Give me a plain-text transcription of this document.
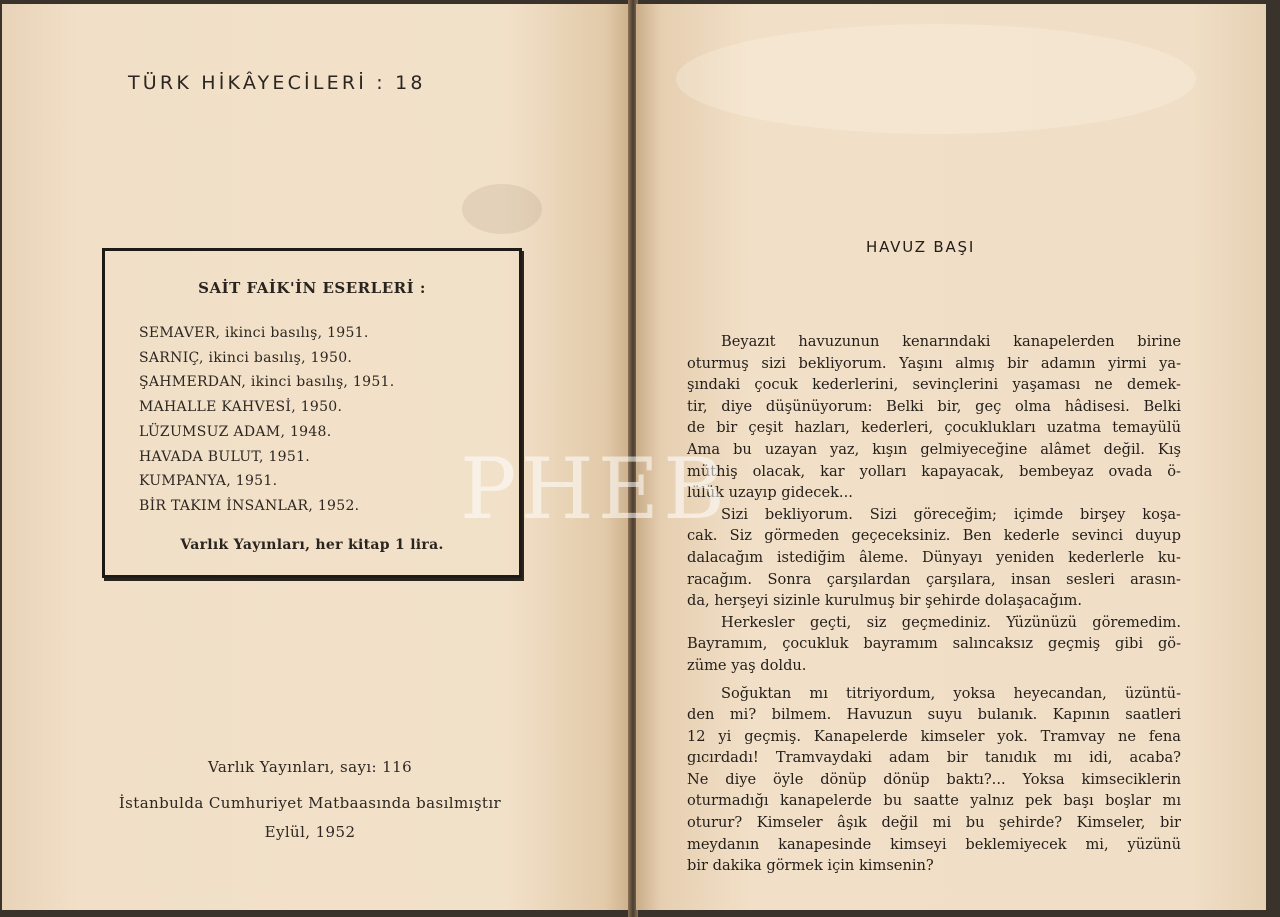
TÜRK HİKÂYECİLERİ : 18
SAİT FAİK'İN ESERLERİ :
SEMAVER, ikinci basılış, 1951.
SARNIÇ, ikinci basılış, 1950.
ŞAHMERDAN, ikinci basılış, 1951.
MAHALLE KAHVESİ, 1950.
LÜZUMSUZ ADAM, 1948.
HAVADA BULUT, 1951.
KUMPANYA, 1951.
BİR TAKIM İNSANLAR, 1952.
Varlık Yayınları, her kitap 1 lira.
Varlık Yayınları, sayı: 116
İstanbulda Cumhuriyet Matbaasında basılmıştır
Eylül, 1952
HAVUZ BAŞI
Beyazıt havuzunun kenarındaki kanapelerden birine
oturmuş sizi bekliyorum. Yaşını almış bir adamın yirmi ya-
şındaki çocuk kederlerini, sevinçlerini yaşaması ne demek-
tir, diye düşünüyorum: Belki bir, geç olma hâdisesi. Belki
de bir çeşit hazları, kederleri, çocuklukları uzatma temayülü
Ama bu uzayan yaz, kışın gelmiyeceğine alâmet değil. Kış
müthiş olacak, kar yolları kapayacak, bembeyaz ovada ö-
lülük uzayıp gidecek...
Sizi bekliyorum. Sizi göreceğim; içimde birşey koşa-
cak. Siz görmeden geçeceksiniz. Ben kederle sevinci duyup
dalacağım istediğim âleme. Dünyayı yeniden kederlerle ku-
racağım. Sonra çarşılardan çarşılara, insan sesleri arasın-
da, herşeyi sizinle kurulmuş bir şehirde dolaşacağım.
Herkesler geçti, siz geçmediniz. Yüzünüzü göremedim.
Bayramım, çocukluk bayramım salıncaksız geçmiş gibi gö-
züme yaş doldu.
Soğuktan mı titriyordum, yoksa heyecandan, üzüntü-
den mi? bilmem. Havuzun suyu bulanık. Kapının saatleri
12 yi geçmiş. Kanapelerde kimseler yok. Tramvay ne fena
gıcırdadı! Tramvaydaki adam bir tanıdık mı idi, acaba?
Ne diye öyle dönüp dönüp baktı?... Yoksa kimseciklerin
oturmadığı kanapelerde bu saatte yalnız pek başı boşlar mı
oturur? Kimseler âşık değil mi bu şehirde? Kimseler, bir
meydanın kanapesinde kimseyi beklemiyecek mi, yüzünü
bir dakika görmek için kimsenin?
PHEB
